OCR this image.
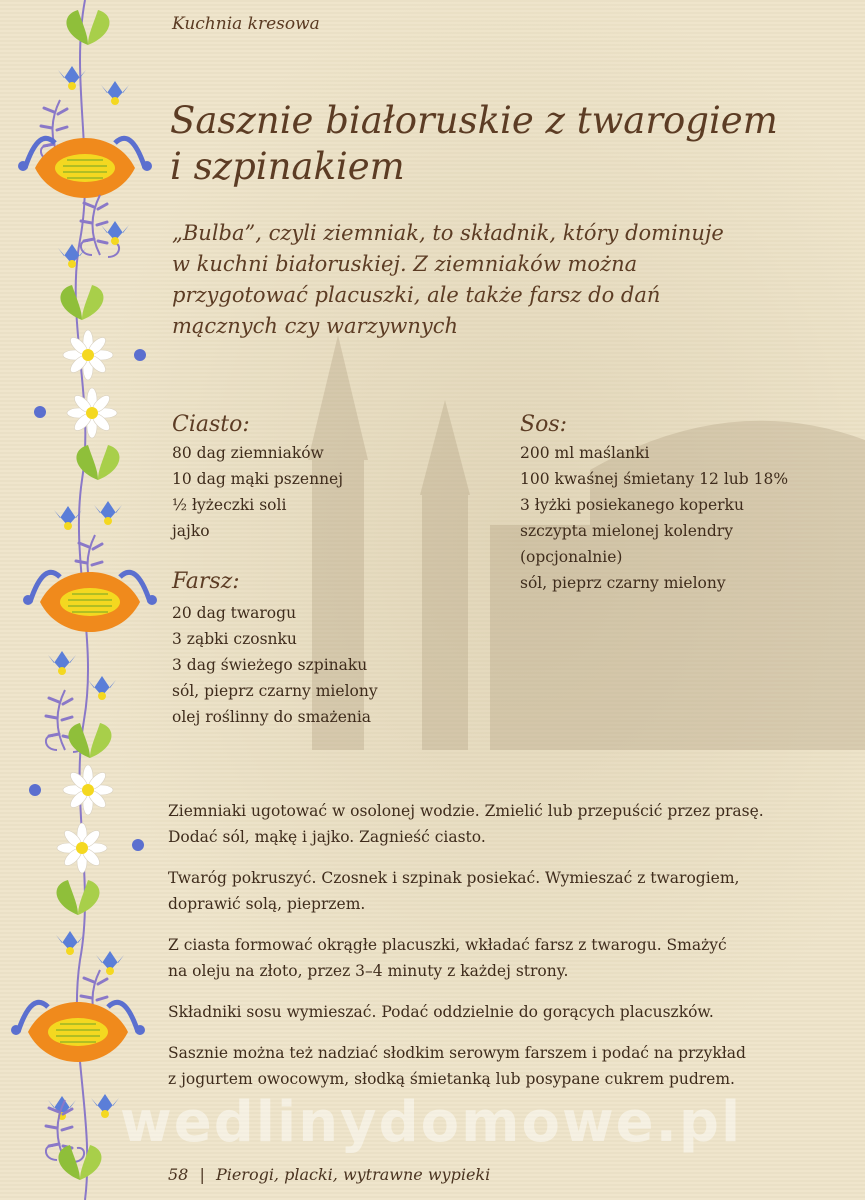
Kuchnia kresowa
Sasznie białoruskie z twarogiem
i szpinakiem

„Bulba”, czyli ziemniak, to składnik, który dominuje
w kuchni białoruskiej. Z ziemniaków można
przygotować placuszki, ale także farsz do dań
mącznych czy warzywnych

Ciasto:
80 dag ziemniaków
10 dag mąki pszennej
½ łyżeczki soli
jajko
Farsz:
20 dag twarogu
3 ząbki czosnku
3 dag świeżego szpinaku
sól, pieprz czarny mielony
olej roślinny do smażenia
Sos:
200 ml maślanki
100 kwaśnej śmietany 12 lub 18%
3 łyżki posiekanego koperku
szczypta mielonej kolendry
(opcjonalnie)
sól, pieprz czarny mielony

Ziemniaki ugotować w osolonej wodzie. Zmielić lub przepuścić przez prasę.
Dodać sól, mąkę i jajko. Zagnieść ciasto.

Twaróg pokruszyć. Czosnek i szpinak posiekać. Wymieszać z twarogiem,
doprawić solą, pieprzem.

Z ciasta formować okrągłe placuszki, wkładać farsz z twarogu. Smażyć
na oleju na złoto, przez 3–4 minuty z każdej strony.

Składniki sosu wymieszać. Podać oddzielnie do gorących placuszków.

Sasznie można też nadziać słodkim serowym farszem i podać na przykład
z jogurtem owocowym, słodką śmietanką lub posypane cukrem pudrem.

wedlinydomowe.pl
58 | Pierogi, placki, wytrawne wypieki
